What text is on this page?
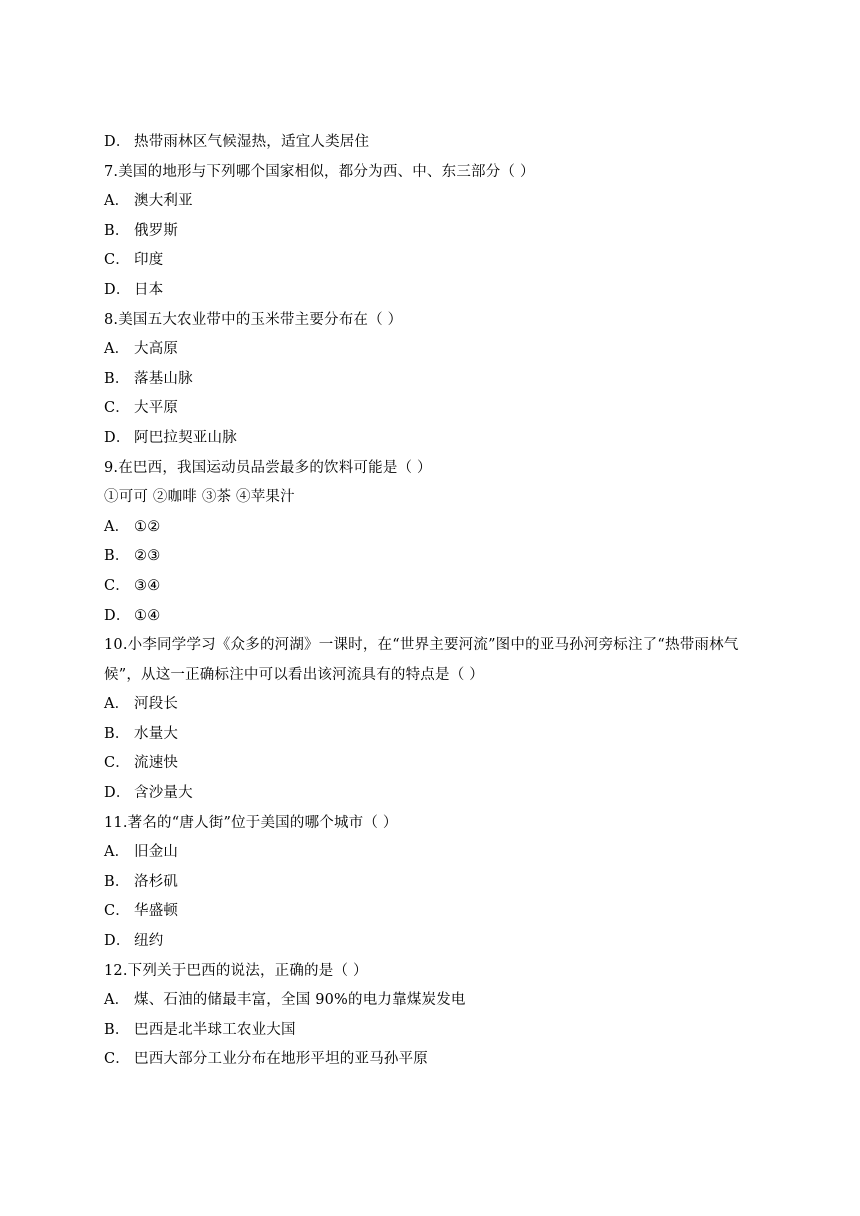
D． 热带雨林区气候湿热，适宜人类居住
7.美国的地形与下列哪个国家相似，都分为西、中、东三部分（ ）
A． 澳大利亚
B． 俄罗斯
C． 印度
D． 日本
8.美国五大农业带中的玉米带主要分布在（ ）
A． 大高原
B． 落基山脉
C． 大平原
D． 阿巴拉契亚山脉
9.在巴西，我国运动员品尝最多的饮料可能是（ ）
①可可 ②咖啡 ③茶 ④苹果汁
A． ①②
B． ②③
C． ③④
D． ①④
10.小李同学学习《众多的河湖》一课时，在“世界主要河流”图中的亚马孙河旁标注了“热带雨林气
候”，从这一正确标注中可以看出该河流具有的特点是（ ）
A． 河段长
B． 水量大
C． 流速快
D． 含沙量大
11.著名的“唐人街”位于美国的哪个城市（ ）
A． 旧金山
B． 洛杉矶
C． 华盛顿
D． 纽约
12.下列关于巴西的说法，正确的是（ ）
A． 煤、石油的储最丰富，全国 90%的电力靠煤炭发电
B． 巴西是北半球工农业大国
C． 巴西大部分工业分布在地形平坦的亚马孙平原
